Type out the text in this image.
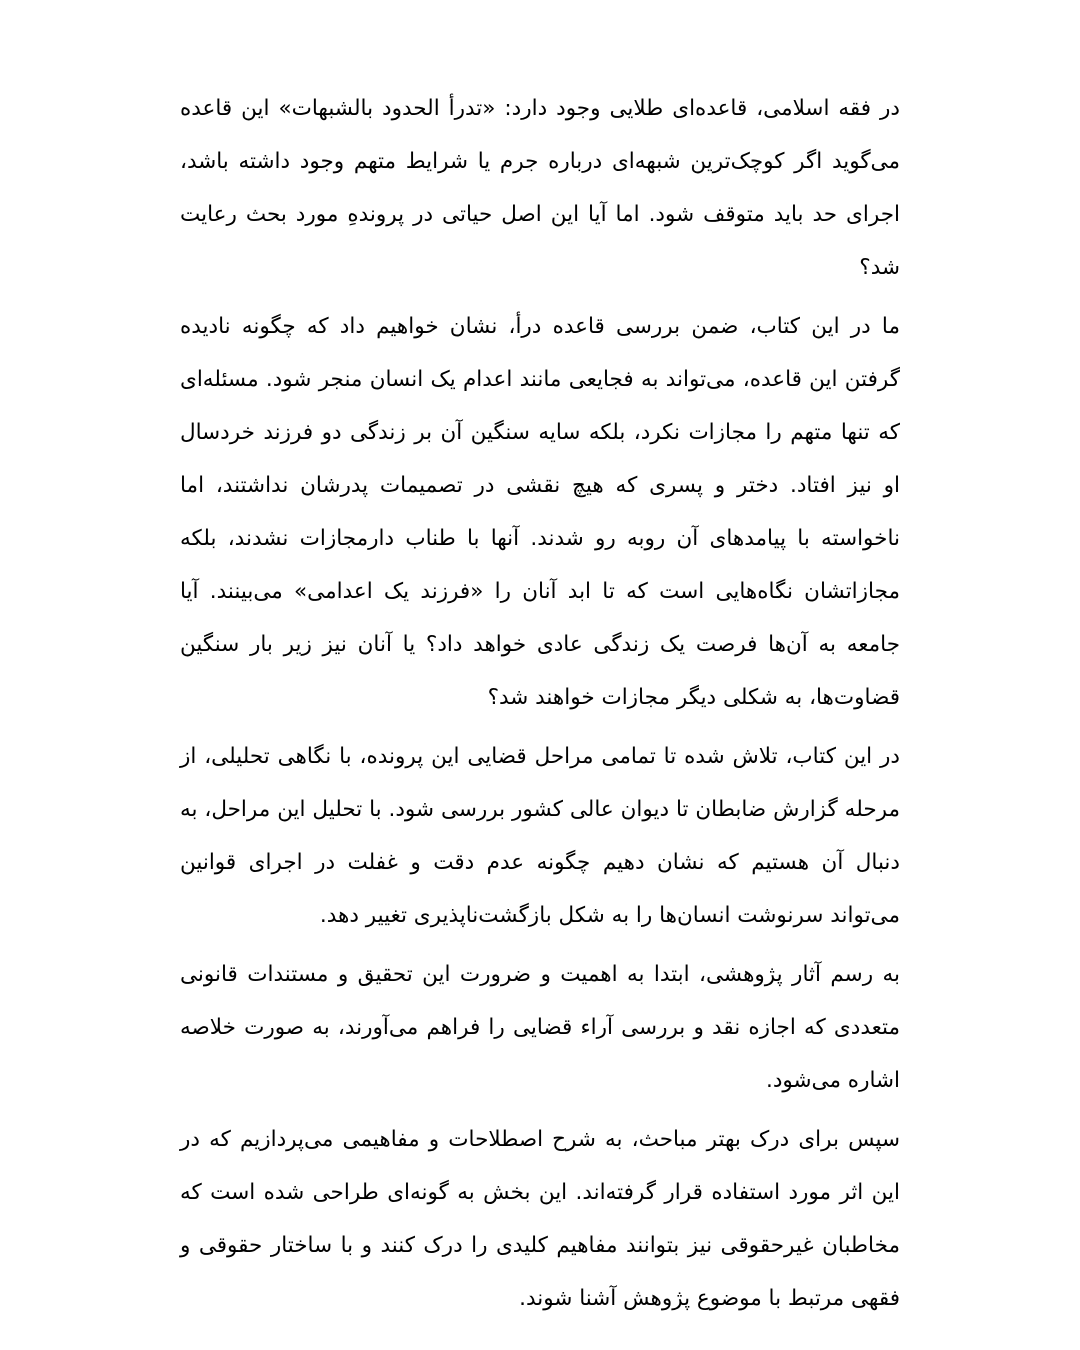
در فقه اسلامی، قاعده‌ای طلایی وجود دارد: «تدرأ الحدود بالشبهات» این قاعده می‌گوید اگر کوچک‌ترین شبهه‌ای درباره جرم یا شرایط متهم وجود داشته باشد، اجرای حد باید متوقف شود. اما آیا این اصل حیاتی در پرونده‌ِ مورد بحث رعایت شد؟

ما در این کتاب، ضمن بررسی قاعده درأ، نشان خواهیم داد که چگونه نادیده گرفتن این قاعده، می‌تواند به فجایعی مانند اعدام یک انسان منجر شود. مسئله‌ای که تنها متهم را مجازات نکرد، بلکه سایه سنگین آن بر زندگی دو فرزند خردسال او نیز افتاد. دختر و پسری که هیچ نقشی در تصمیمات پدرشان نداشتند، اما ناخواسته با پیامدهای آن روبه رو شدند. آنها با طناب دارمجازات نشدند، بلکه مجازاتشان نگاه‌هایی است که تا ابد آنان را «فرزند یک اعدامی» می‌بینند. آیا جامعه به آن‌ها فرصت یک زندگی عادی خواهد داد؟ یا آنان نیز زیر بار سنگین قضاوت‌ها، به شکلی دیگر مجازات خواهند شد؟

در این کتاب، تلاش شده تا تمامی مراحل قضایی این پرونده، با نگاهی تحلیلی، از مرحله گزارش ضابطان تا دیوان عالی کشور بررسی شود. با تحلیل این مراحل، به دنبال آن هستیم که نشان دهیم چگونه عدم دقت و غفلت در اجرای قوانین می‌تواند سرنوشت انسان‌ها را به شکل بازگشت‌ناپذیری تغییر دهد.

به رسم آثار پژوهشی، ابتدا به اهمیت و ضرورت این تحقیق و مستندات قانونی متعددی که اجازه نقد و بررسی آراء قضایی را فراهم می‌آورند، به صورت خلاصه اشاره می‌شود.

سپس برای درک بهتر مباحث، به شرح اصطلاحات و مفاهیمی می‌پردازیم که در این اثر مورد استفاده قرار گرفته‌اند. این بخش به گونه‌ای طراحی شده است که مخاطبان غیرحقوقی نیز بتوانند مفاهیم کلیدی را درک کنند و با ساختار حقوقی و فقهی مرتبط با موضوع پژوهش آشنا شوند.
